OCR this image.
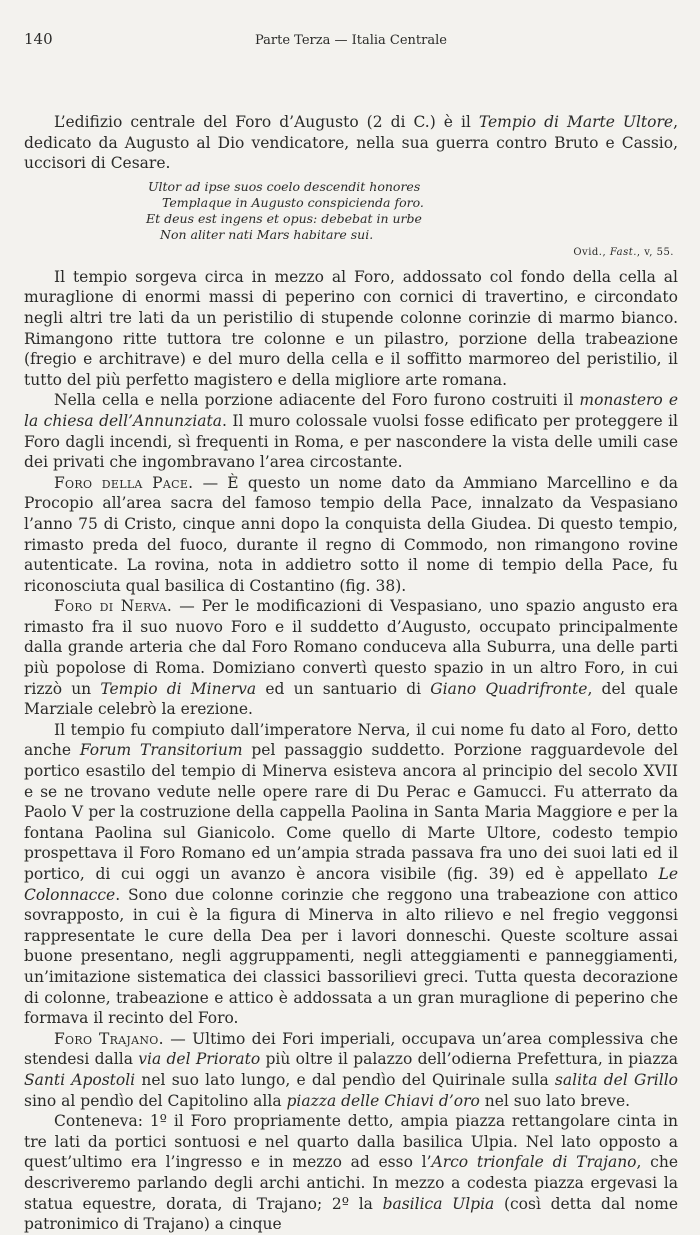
140	Parte Terza — Italia Centrale

L’edifizio centrale del Foro d’Augusto (2 di C.) è il Tempio di Marte Ultore, dedicato da Augusto al Dio vendicatore, nella sua guerra contro Bruto e Cassio, uccisori di Cesare.

Ultor ad ipse suos coelo descendit honores
Templaque in Augusto conspicienda foro.
Et deus est ingens et opus: debebat in urbe
Non aliter nati Mars habitare sui.
Ovid., Fast., v, 55.

Il tempio sorgeva circa in mezzo al Foro, addossato col fondo della cella al muraglione di enormi massi di peperino con cornici di travertino, e circondato negli altri tre lati da un peristilio di stupende colonne corinzie di marmo bianco. Rimangono ritte tuttora tre colonne e un pilastro, porzione della trabeazione (fregio e architrave) e del muro della cella e il soffitto marmoreo del peristilio, il tutto del più perfetto magistero e della migliore arte romana.

Nella cella e nella porzione adiacente del Foro furono costruiti il monastero e la chiesa dell’Annunziata. Il muro colossale vuolsi fosse edificato per proteggere il Foro dagli incendi, sì frequenti in Roma, e per nascondere la vista delle umili case dei privati che ingombravano l’area circostante.

Foro della Pace. — È questo un nome dato da Ammiano Marcellino e da Procopio all’area sacra del famoso tempio della Pace, innalzato da Vespasiano l’anno 75 di Cristo, cinque anni dopo la conquista della Giudea. Di questo tempio, rimasto preda del fuoco, durante il regno di Commodo, non rimangono rovine autenticate. La rovina, nota in addietro sotto il nome di tempio della Pace, fu riconosciuta qual basilica di Costantino (fig. 38).

Foro di Nerva. — Per le modificazioni di Vespasiano, uno spazio angusto era rimasto fra il suo nuovo Foro e il suddetto d’Augusto, occupato principalmente dalla grande arteria che dal Foro Romano conduceva alla Suburra, una delle parti più popolose di Roma. Domiziano convertì questo spazio in un altro Foro, in cui rizzò un Tempio di Minerva ed un santuario di Giano Quadrifronte, del quale Marziale celebrò la erezione.

Il tempio fu compiuto dall’imperatore Nerva, il cui nome fu dato al Foro, detto anche Forum Transitorium pel passaggio suddetto. Porzione ragguardevole del portico esastilo del tempio di Minerva esisteva ancora al principio del secolo XVII e se ne trovano vedute nelle opere rare di Du Perac e Gamucci. Fu atterrato da Paolo V per la costruzione della cappella Paolina in Santa Maria Maggiore e per la fontana Paolina sul Gianicolo. Come quello di Marte Ultore, codesto tempio prospettava il Foro Romano ed un’ampia strada passava fra uno dei suoi lati ed il portico, di cui oggi un avanzo è ancora visibile (fig. 39) ed è appellato Le Colonnacce. Sono due colonne corinzie che reggono una trabeazione con attico sovrapposto, in cui è la figura di Minerva in alto rilievo e nel fregio veggonsi rappresentate le cure della Dea per i lavori donneschi. Queste scolture assai buone presentano, negli aggruppamenti, negli atteggiamenti e panneggiamenti, un’imitazione sistematica dei classici bassorilievi greci. Tutta questa decorazione di colonne, trabeazione e attico è addossata a un gran muraglione di peperino che formava il recinto del Foro.

Foro Trajano. — Ultimo dei Fori imperiali, occupava un’area complessiva che stendesi dalla via del Priorato più oltre il palazzo dell’odierna Prefettura, in piazza Santi Apostoli nel suo lato lungo, e dal pendìo del Quirinale sulla salita del Grillo sino al pendìo del Capitolino alla piazza delle Chiavi d’oro nel suo lato breve.

Conteneva: 1º il Foro propriamente detto, ampia piazza rettangolare cinta in tre lati da portici sontuosi e nel quarto dalla basilica Ulpia. Nel lato opposto a quest’ultimo era l’ingresso e in mezzo ad esso l’Arco trionfale di Trajano, che descriveremo parlando degli archi antichi. In mezzo a codesta piazza ergevasi la statua equestre, dorata, di Trajano; 2º la basilica Ulpia (così detta dal nome patronimico di Trajano) a cinque
